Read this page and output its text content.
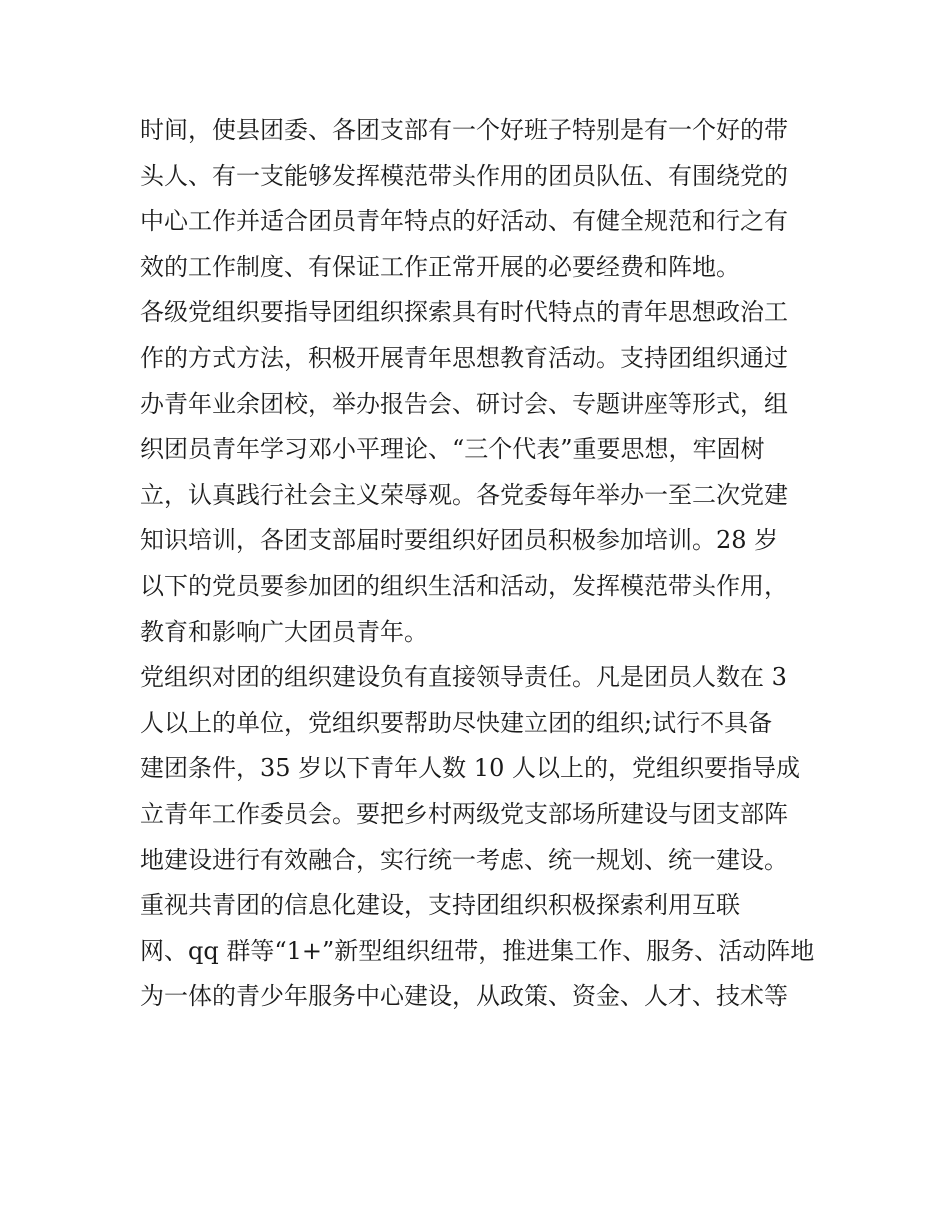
时间，使县团委、各团支部有一个好班子特别是有一个好的带
头人、有一支能够发挥模范带头作用的团员队伍、有围绕党的
中心工作并适合团员青年特点的好活动、有健全规范和行之有
效的工作制度、有保证工作正常开展的必要经费和阵地。
各级党组织要指导团组织探索具有时代特点的青年思想政治工
作的方式方法，积极开展青年思想教育活动。支持团组织通过
办青年业余团校，举办报告会、研讨会、专题讲座等形式，组
织团员青年学习邓小平理论、“三个代表”重要思想，牢固树
立，认真践行社会主义荣辱观。各党委每年举办一至二次党建
知识培训，各团支部届时要组织好团员积极参加培训。28 岁
以下的党员要参加团的组织生活和活动，发挥模范带头作用，
教育和影响广大团员青年。
党组织对团的组织建设负有直接领导责任。凡是团员人数在 3
人以上的单位，党组织要帮助尽快建立团的组织;试行不具备
建团条件，35 岁以下青年人数 10 人以上的，党组织要指导成
立青年工作委员会。要把乡村两级党支部场所建设与团支部阵
地建设进行有效融合，实行统一考虑、统一规划、统一建设。
重视共青团的信息化建设，支持团组织积极探索利用互联
网、qq 群等“1+”新型组织纽带，推进集工作、服务、活动阵地
为一体的青少年服务中心建设，从政策、资金、人才、技术等
